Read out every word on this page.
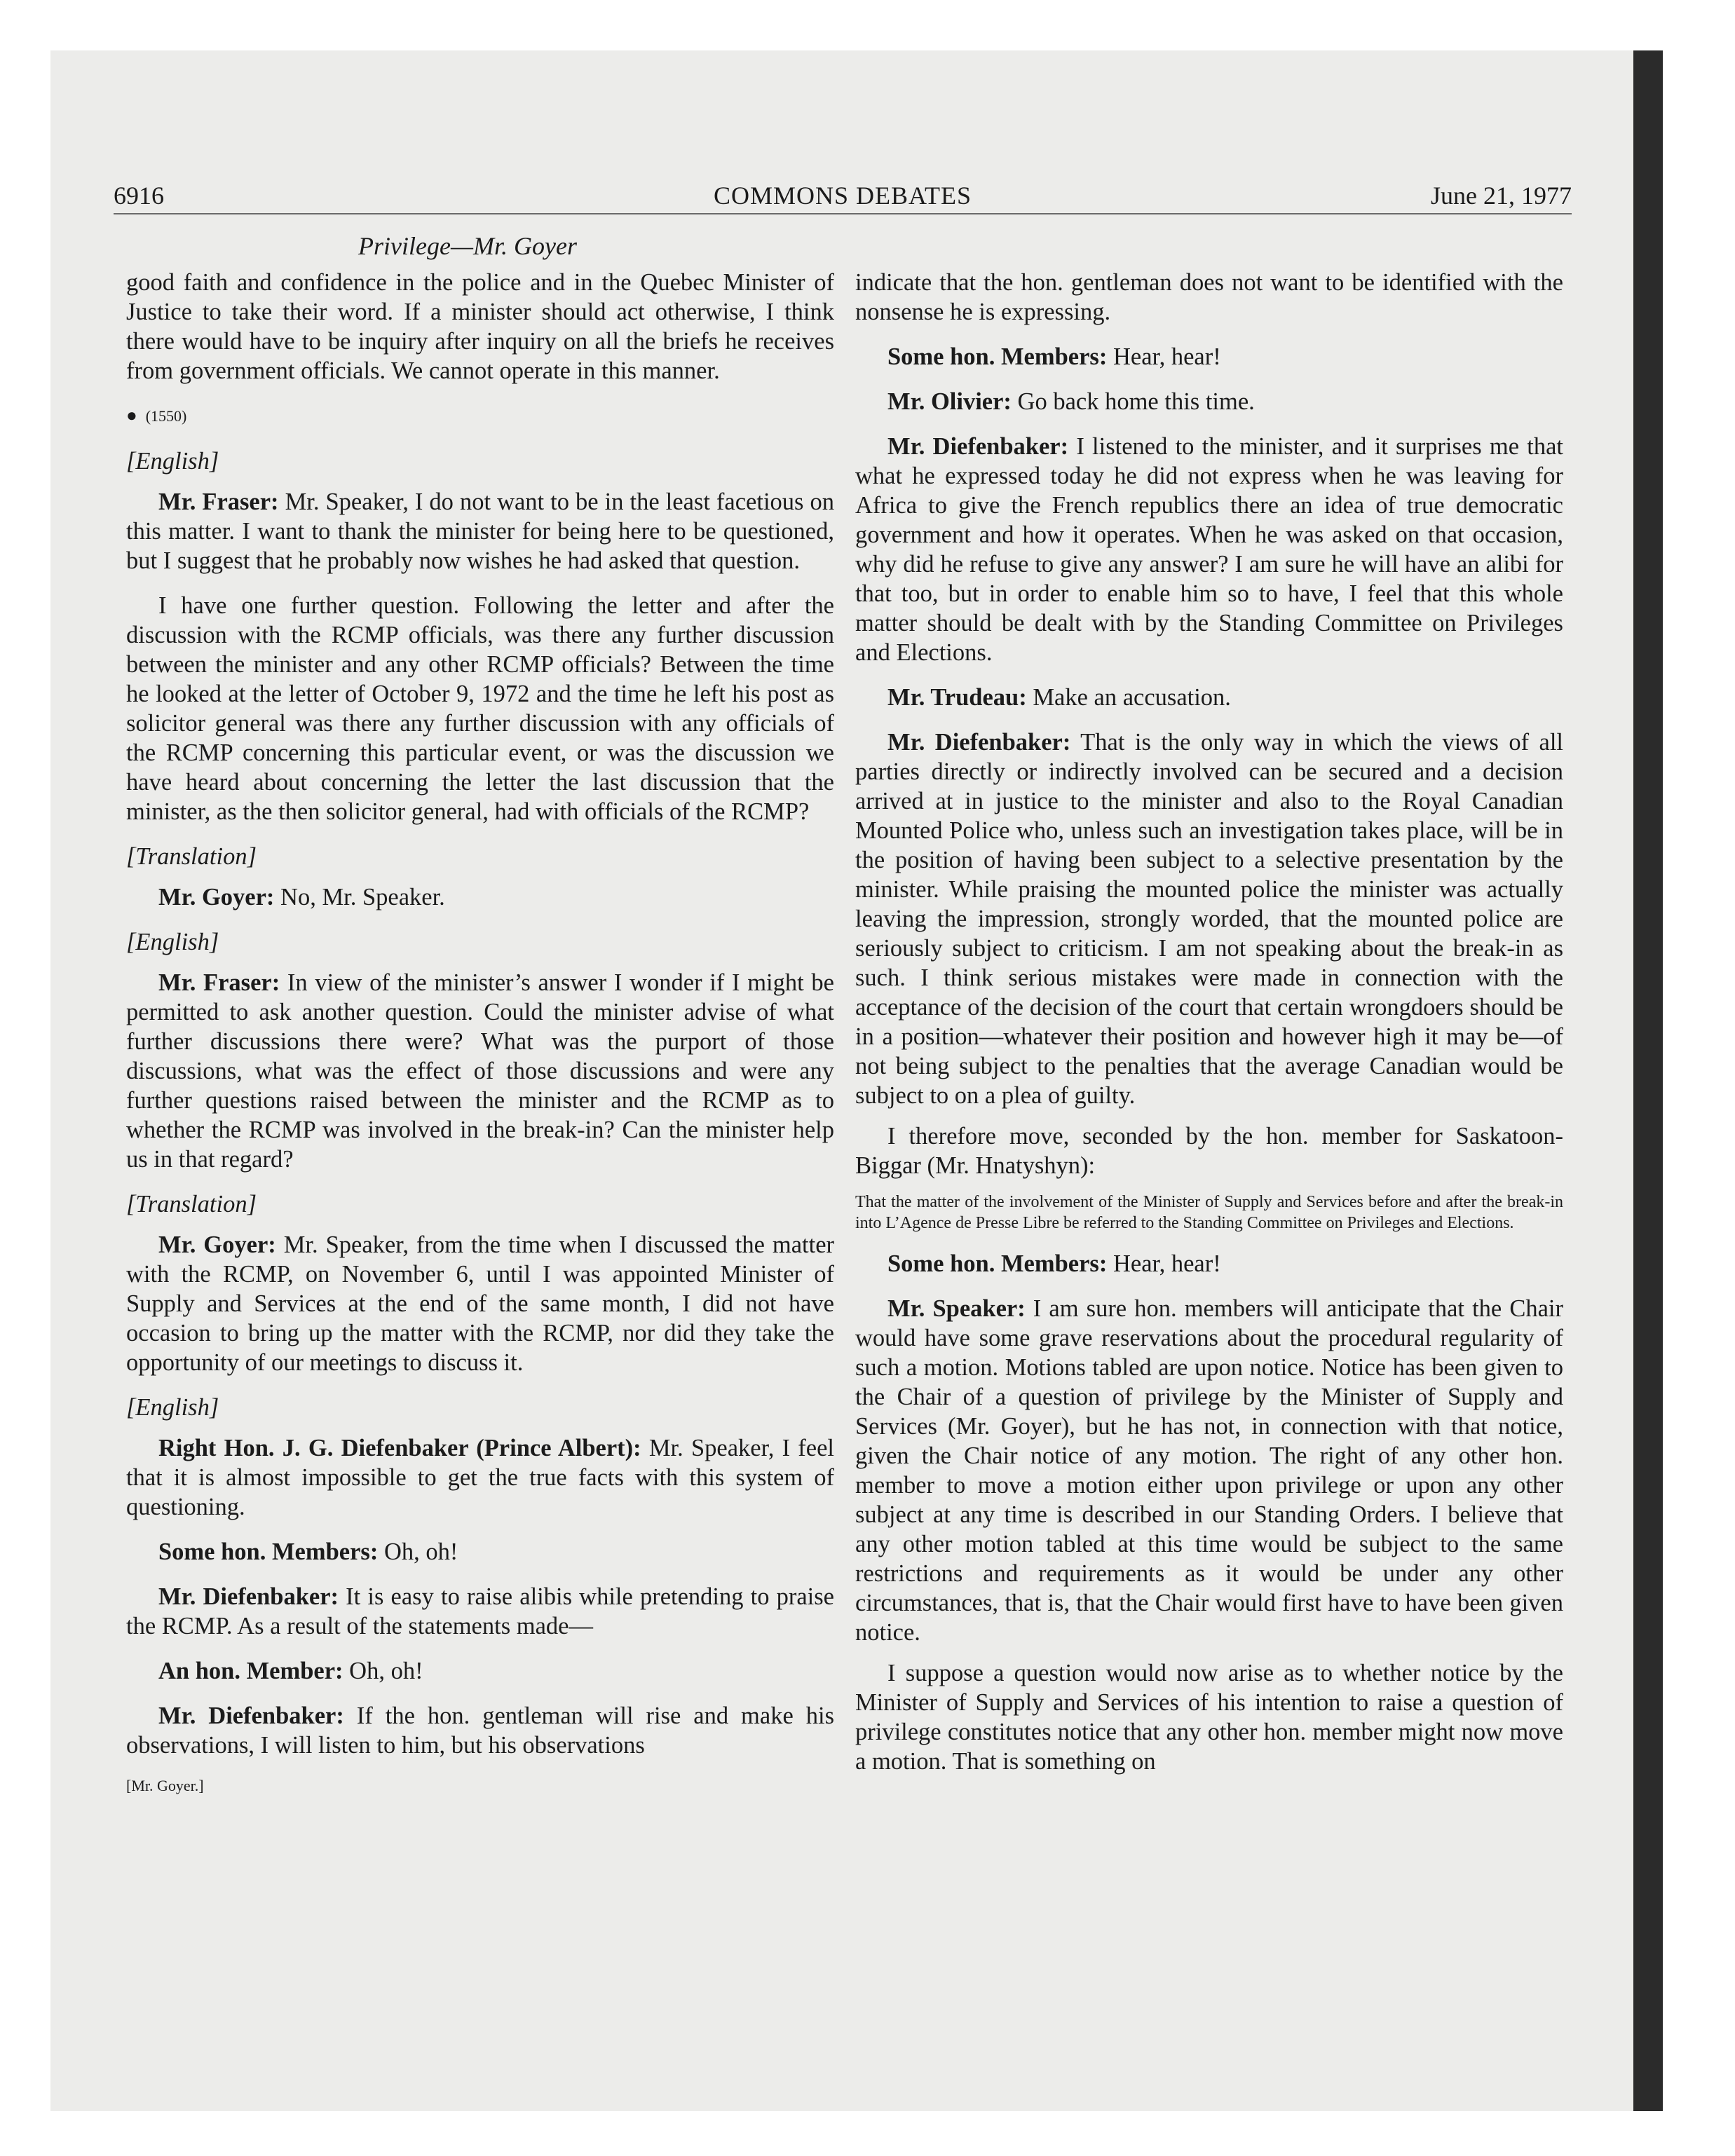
6916	COMMONS DEBATES	June 21, 1977
Privilege—Mr. Goyer

good faith and confidence in the police and in the Quebec Minister of Justice to take their word. If a minister should act otherwise, I think there would have to be inquiry after inquiry on all the briefs he receives from government officials. We cannot operate in this manner.

● (1550)

[English]

Mr. Fraser: Mr. Speaker, I do not want to be in the least facetious on this matter. I want to thank the minister for being here to be questioned, but I suggest that he probably now wishes he had asked that question.

I have one further question. Following the letter and after the discussion with the RCMP officials, was there any further discussion between the minister and any other RCMP officials? Between the time he looked at the letter of October 9, 1972 and the time he left his post as solicitor general was there any further discussion with any officials of the RCMP concerning this particular event, or was the discussion we have heard about concerning the letter the last discussion that the minister, as the then solicitor general, had with officials of the RCMP?

[Translation]

Mr. Goyer: No, Mr. Speaker.

[English]

Mr. Fraser: In view of the minister’s answer I wonder if I might be permitted to ask another question. Could the minister advise of what further discussions there were? What was the purport of those discussions, what was the effect of those discussions and were any further questions raised between the minister and the RCMP as to whether the RCMP was involved in the break-in? Can the minister help us in that regard?

[Translation]

Mr. Goyer: Mr. Speaker, from the time when I discussed the matter with the RCMP, on November 6, until I was appointed Minister of Supply and Services at the end of the same month, I did not have occasion to bring up the matter with the RCMP, nor did they take the opportunity of our meetings to discuss it.

[English]

Right Hon. J. G. Diefenbaker (Prince Albert): Mr. Speaker, I feel that it is almost impossible to get the true facts with this system of questioning.

Some hon. Members: Oh, oh!

Mr. Diefenbaker: It is easy to raise alibis while pretending to praise the RCMP. As a result of the statements made—

An hon. Member: Oh, oh!

Mr. Diefenbaker: If the hon. gentleman will rise and make his observations, I will listen to him, but his observations

[Mr. Goyer.]

indicate that the hon. gentleman does not want to be identified with the nonsense he is expressing.

Some hon. Members: Hear, hear!

Mr. Olivier: Go back home this time.

Mr. Diefenbaker: I listened to the minister, and it surprises me that what he expressed today he did not express when he was leaving for Africa to give the French republics there an idea of true democratic government and how it operates. When he was asked on that occasion, why did he refuse to give any answer? I am sure he will have an alibi for that too, but in order to enable him so to have, I feel that this whole matter should be dealt with by the Standing Committee on Privileges and Elections.

Mr. Trudeau: Make an accusation.

Mr. Diefenbaker: That is the only way in which the views of all parties directly or indirectly involved can be secured and a decision arrived at in justice to the minister and also to the Royal Canadian Mounted Police who, unless such an investigation takes place, will be in the position of having been subject to a selective presentation by the minister. While praising the mounted police the minister was actually leaving the impression, strongly worded, that the mounted police are seriously subject to criticism. I am not speaking about the break-in as such. I think serious mistakes were made in connection with the acceptance of the decision of the court that certain wrongdoers should be in a position—whatever their position and however high it may be—of not being subject to the penalties that the average Canadian would be subject to on a plea of guilty.

I therefore move, seconded by the hon. member for Saskatoon-Biggar (Mr. Hnatyshyn):

That the matter of the involvement of the Minister of Supply and Services before and after the break-in into L’Agence de Presse Libre be referred to the Standing Committee on Privileges and Elections.

Some hon. Members: Hear, hear!

Mr. Speaker: I am sure hon. members will anticipate that the Chair would have some grave reservations about the procedural regularity of such a motion. Motions tabled are upon notice. Notice has been given to the Chair of a question of privilege by the Minister of Supply and Services (Mr. Goyer), but he has not, in connection with that notice, given the Chair notice of any motion. The right of any other hon. member to move a motion either upon privilege or upon any other subject at any time is described in our Standing Orders. I believe that any other motion tabled at this time would be subject to the same restrictions and requirements as it would be under any other circumstances, that is, that the Chair would first have to have been given notice.

I suppose a question would now arise as to whether notice by the Minister of Supply and Services of his intention to raise a question of privilege constitutes notice that any other hon. member might now move a motion. That is something on
